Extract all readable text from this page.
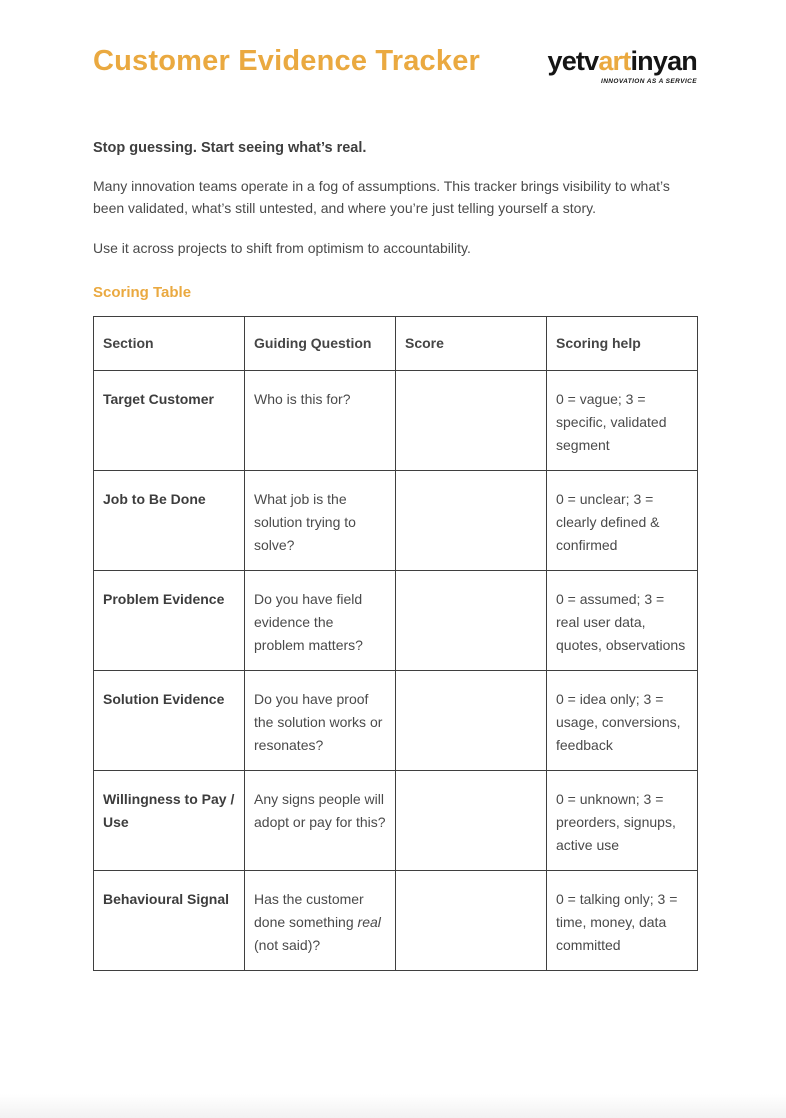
Customer Evidence Tracker yetvartinyan
INNOVATION AS A SERVICE
Stop guessing. Start seeing what’s real.

Many innovation teams operate in a fog of assumptions. This tracker brings visibility to what’s been validated, what’s still untested, and where you’re just telling yourself a story.

Use it across projects to shift from optimism to accountability.

Scoring Table
Section	Guiding Question	Score	Scoring help
Target Customer	Who is this for?		0 = vague; 3 = specific, validated segment
Job to Be Done	What job is the solution trying to solve?		0 = unclear; 3 = clearly defined & confirmed
Problem Evidence	Do you have field evidence the problem matters?		0 = assumed; 3 = real user data, quotes, observations
Solution Evidence	Do you have proof the solution works or resonates?		0 = idea only; 3 = usage, conversions, feedback
Willingness to Pay / Use	Any signs people will adopt or pay for this?		0 = unknown; 3 = preorders, signups, active use
Behavioural Signal	Has the customer done something real (not said)?		0 = talking only; 3 = time, money, data committed
